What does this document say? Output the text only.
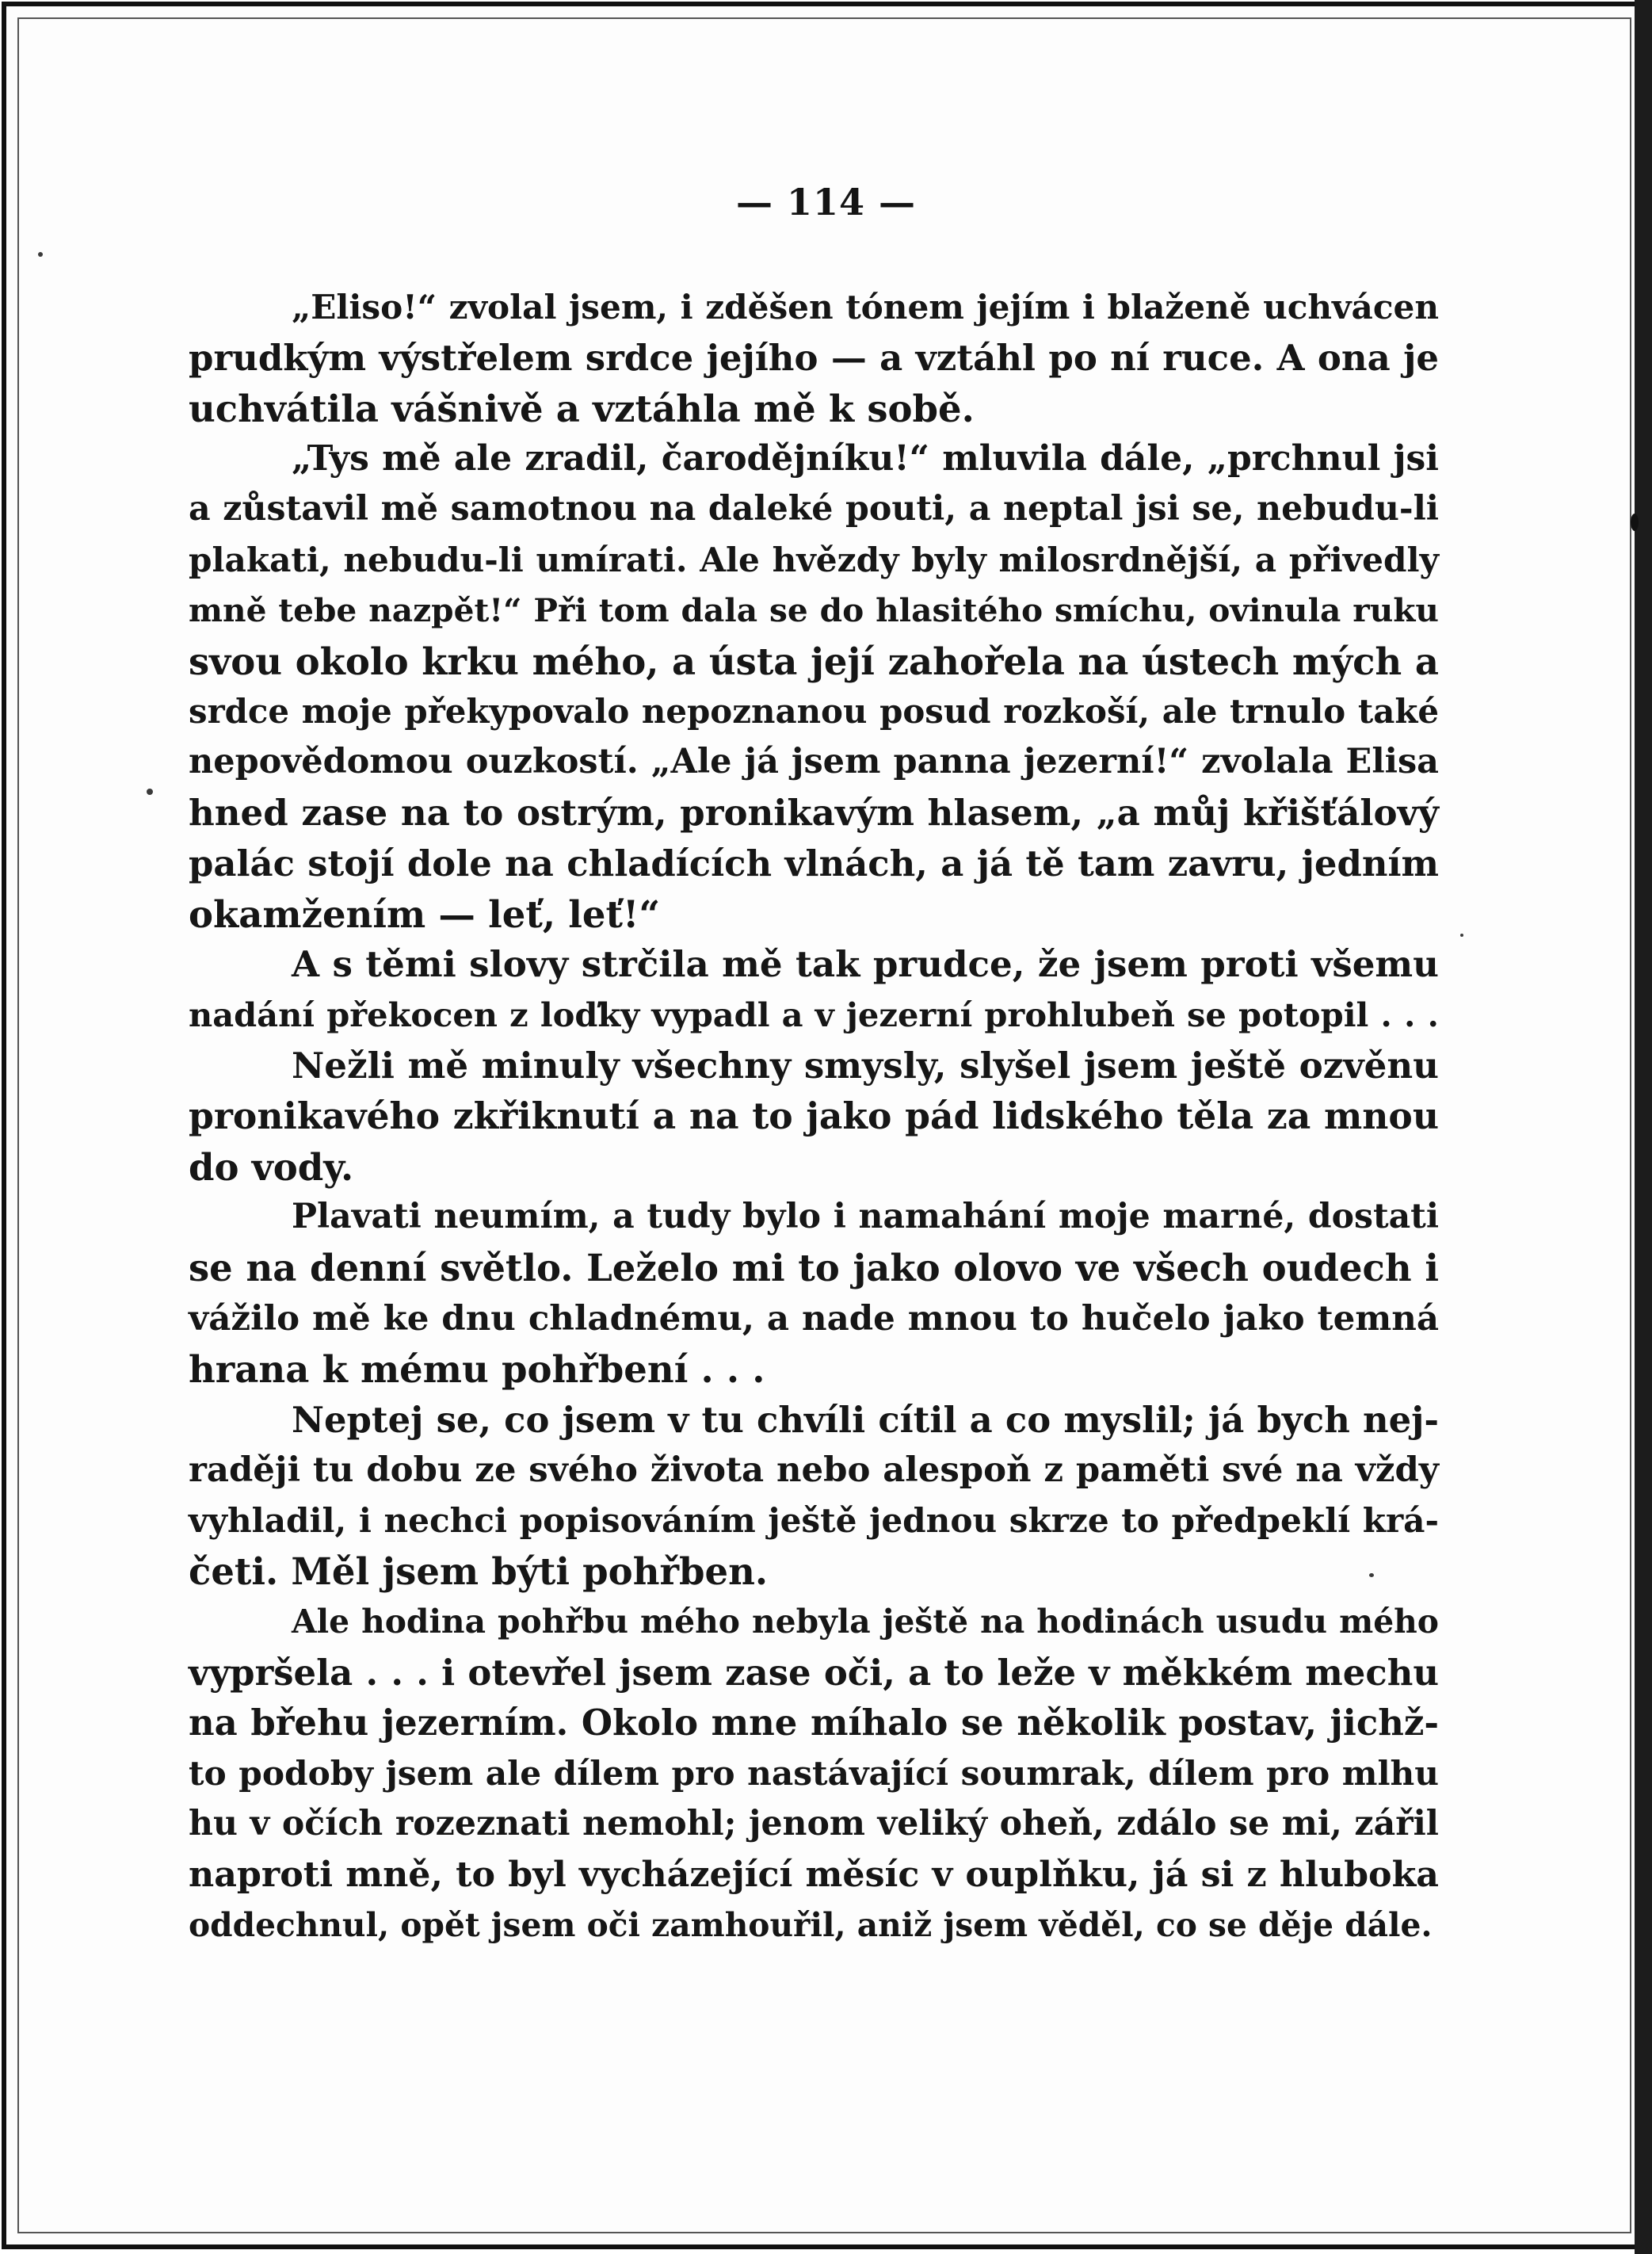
— 114 —
„Eliso!“ zvolal jsem, i zděšen tónem jejím i blaženě uchvácen
prudkým výstřelem srdce jejího — a vztáhl po ní ruce. A ona je
uchvátila vášnivě a vztáhla mě k sobě.
„Tys mě ale zradil, čarodějníku!“ mluvila dále, „prchnul jsi
a zůstavil mě samotnou na daleké pouti, a neptal jsi se, nebudu-li
plakati, nebudu-li umírati. Ale hvězdy byly milosrdnější, a přivedly
mně tebe nazpět!“ Při tom dala se do hlasitého smíchu, ovinula ruku
svou okolo krku mého, a ústa její zahořela na ústech mých a
srdce moje překypovalo nepoznanou posud rozkoší, ale trnulo také
nepovědomou ouzkostí. „Ale já jsem panna jezerní!“ zvolala Elisa
hned zase na to ostrým, pronikavým hlasem, „a můj křišťálový
palác stojí dole na chladících vlnách, a já tě tam zavru, jedním
okamžením — leť, leť!“
A s těmi slovy strčila mě tak prudce, že jsem proti všemu
nadání překocen z loďky vypadl a v jezerní prohlubeň se potopil . . .
Nežli mě minuly všechny smysly, slyšel jsem ještě ozvěnu
pronikavého zkřiknutí a na to jako pád lidského těla za mnou
do vody.
Plavati neumím, a tudy bylo i namahání moje marné, dostati
se na denní světlo. Leželo mi to jako olovo ve všech oudech i
vážilo mě ke dnu chladnému, a nade mnou to hučelo jako temná
hrana k mému pohřbení . . .
Neptej se, co jsem v tu chvíli cítil a co myslil; já bych nej-
raději tu dobu ze svého života nebo alespoň z paměti své na vždy
vyhladil, i nechci popisováním ještě jednou skrze to předpeklí krá-
četi. Měl jsem býti pohřben.
Ale hodina pohřbu mého nebyla ještě na hodinách usudu mého
vypršela . . . i otevřel jsem zase oči, a to leže v měkkém mechu
na břehu jezerním. Okolo mne míhalo se několik postav, jichž-
to podoby jsem ale dílem pro nastávající soumrak, dílem pro mlhu
hu v očích rozeznati nemohl; jenom veliký oheň, zdálo se mi, zářil
naproti mně, to byl vycházející měsíc v ouplňku, já si z hluboka
oddechnul, opět jsem oči zamhouřil, aniž jsem věděl, co se děje dále.
